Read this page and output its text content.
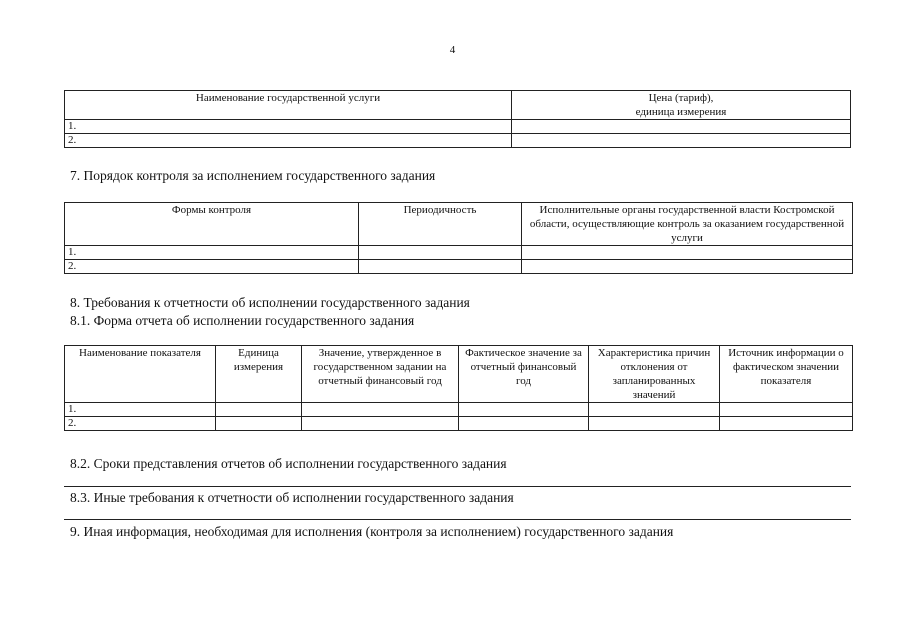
4
Наименование государственной услуги	Цена (тариф),
единица измерения
1.	
2.	
7. Порядок контроля за исполнением государственного задания
Формы контроля	Периодичность	Исполнительные органы государственной власти Костромской области, осуществляющие контроль за оказанием государственной услуги
1.		
2.		
8. Требования к отчетности об исполнении государственного задания
8.1. Форма отчета об исполнении государственного задания
Наименование показателя	Единица измерения	Значение, утвержденное в государственном задании на отчетный финансовый год	Фактическое значение за отчетный финансовый год	Характеристика причин отклонения от запланированных значений	Источник информации о фактическом значении показателя
1.					
2.					
8.2. Сроки представления отчетов об исполнении государственного задания
8.3. Иные требования к отчетности об исполнении государственного задания
9. Иная информация, необходимая для исполнения (контроля за исполнением) государственного задания
